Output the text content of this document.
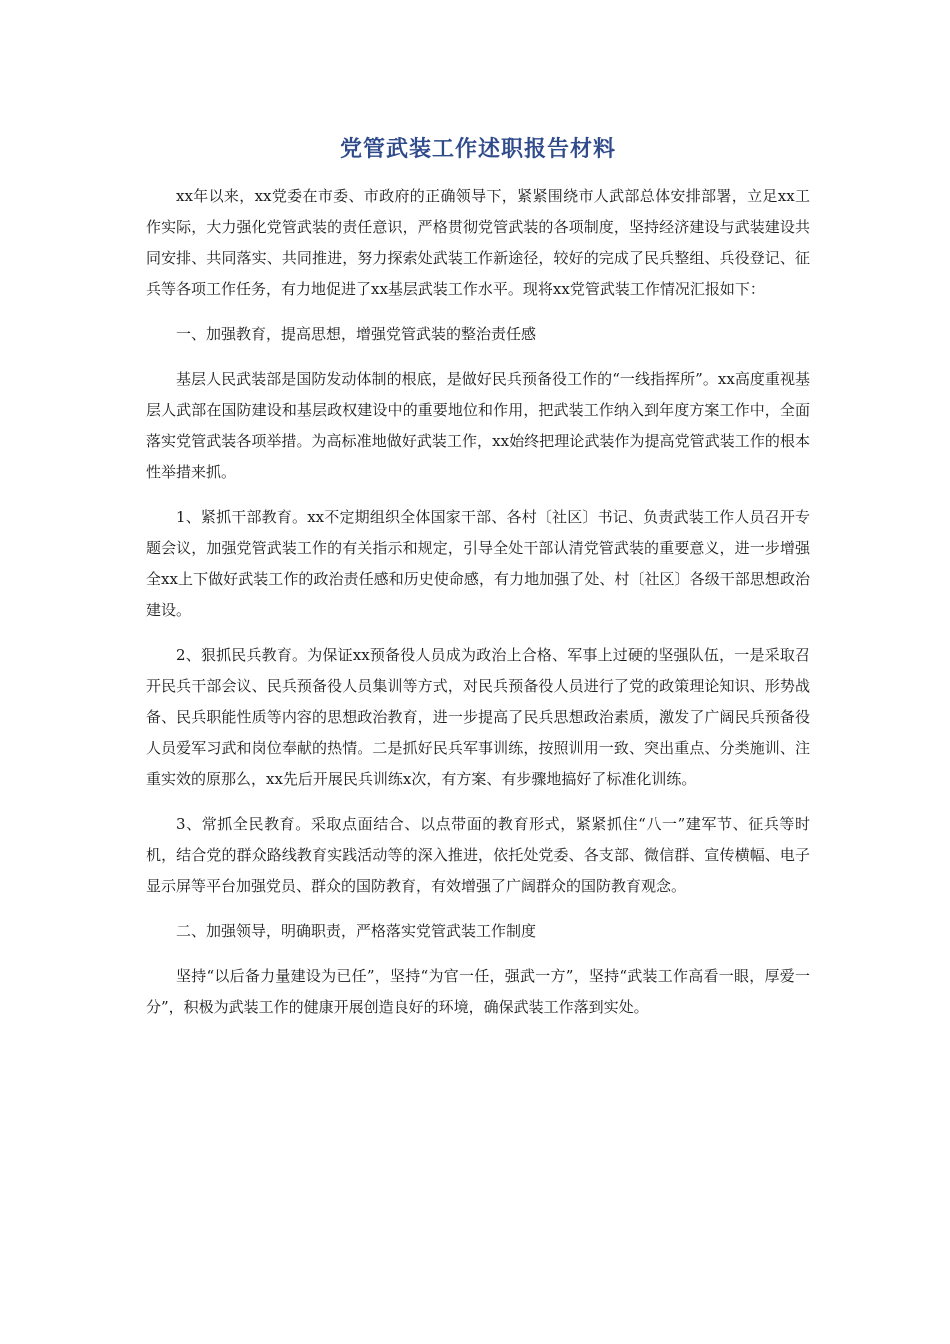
党管武装工作述职报告材料

xx年以来，xx党委在市委、市政府的正确领导下，紧紧围绕市人武部总体安排部署，立足xx工作实际，大力强化党管武装的责任意识，严格贯彻党管武装的各项制度，坚持经济建设与武装建设共同安排、共同落实、共同推进，努力探索处武装工作新途径，较好的完成了民兵整组、兵役登记、征兵等各项工作任务，有力地促进了xx基层武装工作水平。现将xx党管武装工作情况汇报如下：

一、加强教育，提高思想，增强党管武装的整治责任感

基层人民武装部是国防发动体制的根底，是做好民兵预备役工作的“一线指挥所”。xx高度重视基层人武部在国防建设和基层政权建设中的重要地位和作用，把武装工作纳入到年度方案工作中，全面落实党管武装各项举措。为高标准地做好武装工作，xx始终把理论武装作为提高党管武装工作的根本性举措来抓。

1、紧抓干部教育。xx不定期组织全体国家干部、各村〔社区〕书记、负责武装工作人员召开专题会议，加强党管武装工作的有关指示和规定，引导全处干部认清党管武装的重要意义，进一步增强全xx上下做好武装工作的政治责任感和历史使命感，有力地加强了处、村〔社区〕各级干部思想政治建设。

2、狠抓民兵教育。为保证xx预备役人员成为政治上合格、军事上过硬的坚强队伍，一是采取召开民兵干部会议、民兵预备役人员集训等方式，对民兵预备役人员进行了党的政策理论知识、形势战备、民兵职能性质等内容的思想政治教育，进一步提高了民兵思想政治素质，激发了广阔民兵预备役人员爱军习武和岗位奉献的热情。二是抓好民兵军事训练，按照训用一致、突出重点、分类施训、注重实效的原那么，xx先后开展民兵训练x次，有方案、有步骤地搞好了标准化训练。

3、常抓全民教育。采取点面结合、以点带面的教育形式，紧紧抓住“八一”建军节、征兵等时机，结合党的群众路线教育实践活动等的深入推进，依托处党委、各支部、微信群、宣传横幅、电子显示屏等平台加强党员、群众的国防教育，有效增强了广阔群众的国防教育观念。

二、加强领导，明确职责，严格落实党管武装工作制度

坚持“以后备力量建设为已任”，坚持“为官一任，强武一方”，坚持“武装工作高看一眼，厚爱一分”，积极为武装工作的健康开展创造良好的环境，确保武装工作落到实处。
